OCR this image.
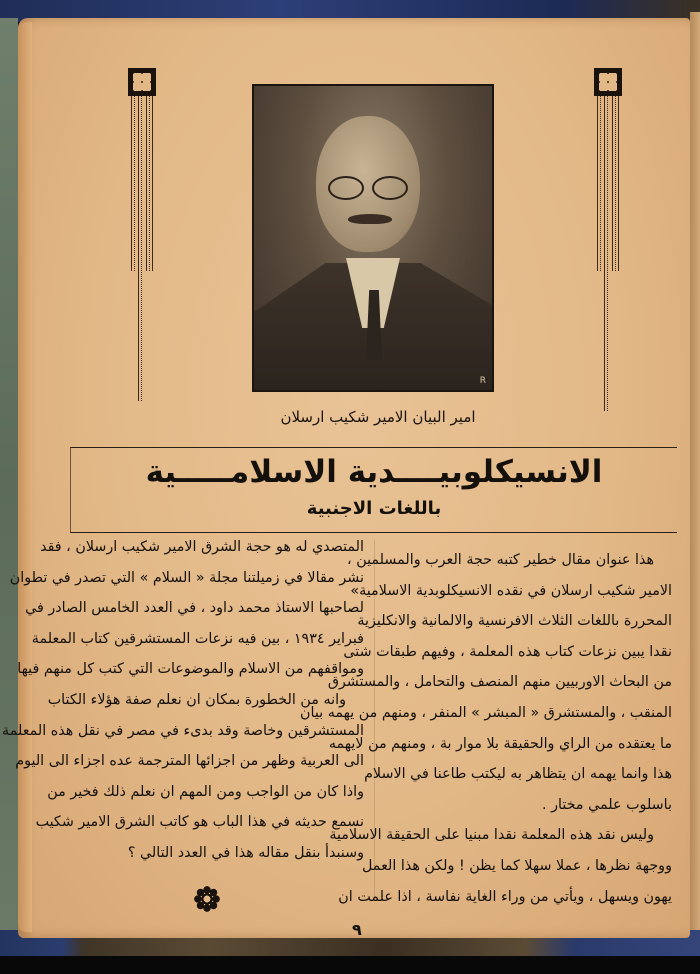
R
امير البيان الامير شكيب ارسلان
الانسيكلوبيــــدية الاسلامـــــية
باللغات الاجنبية
هذا عنوان مقال خطير كتبه حجة العرب والمسلمين ،
الامير شكيب ارسلان في نقده الانسيكلوبدية الاسلامية»
المحررة باللغات الثلاث الافرنسية والالمانية والانكليزية
نقدا يبين نزعات كتاب هذه المعلمة ، وفيهم طبقات شتى
من البحاث الاوربيين منهم المنصف والتحامل ، والمستشرق
المنقب ، والمستشرق « المبشر » المنفر ، ومنهم من يهمه بيان
ما يعتقده من الراي والحقيقة بلا موار بة ، ومنهم من لايهمه
هذا وانما يهمه ان يتظاهر به ليكتب طاعنا في الاسلام
باسلوب علمي مختار .
وليس نقد هذه المعلمة نقدا مبنيا على الحقيقة الاسلامية
ووجهة نظرها ، عملا سهلا كما يظن ! ولكن هذا العمل
يهون ويسهل ، ويأتي من وراء الغاية نفاسة ، اذا علمت ان
المتصدي له هو حجة الشرق الامير شكيب ارسلان ، فقد
نشر مقالا في زميلتنا مجلة « السلام » التي تصدر في تطوان
لصاحبها الاستاذ محمد داود ، في العدد الخامس الصادر في
فبراير ١٩٣٤ ، بين فيه نزعات المستشرقين كتاب المعلمة
ومواقفهم من الاسلام والموضوعات التي كتب كل منهم فيها
وانه من الخطورة بمكان ان نعلم صفة هؤلاء الكتاب
المستشرقين وخاصة وقد بدىء في مصر في نقل هذه المعلمة
الى العربية وظهر من اجزائها المترجمة عده اجزاء الى اليوم
واذا كان من الواجب ومن المهم ان نعلم ذلك فخير من
نسمع حديثه في هذا الباب هو كاتب الشرق الامير شكيب
وسنبدأ بنقل مقاله هذا في العدد التالي ؟
٩
